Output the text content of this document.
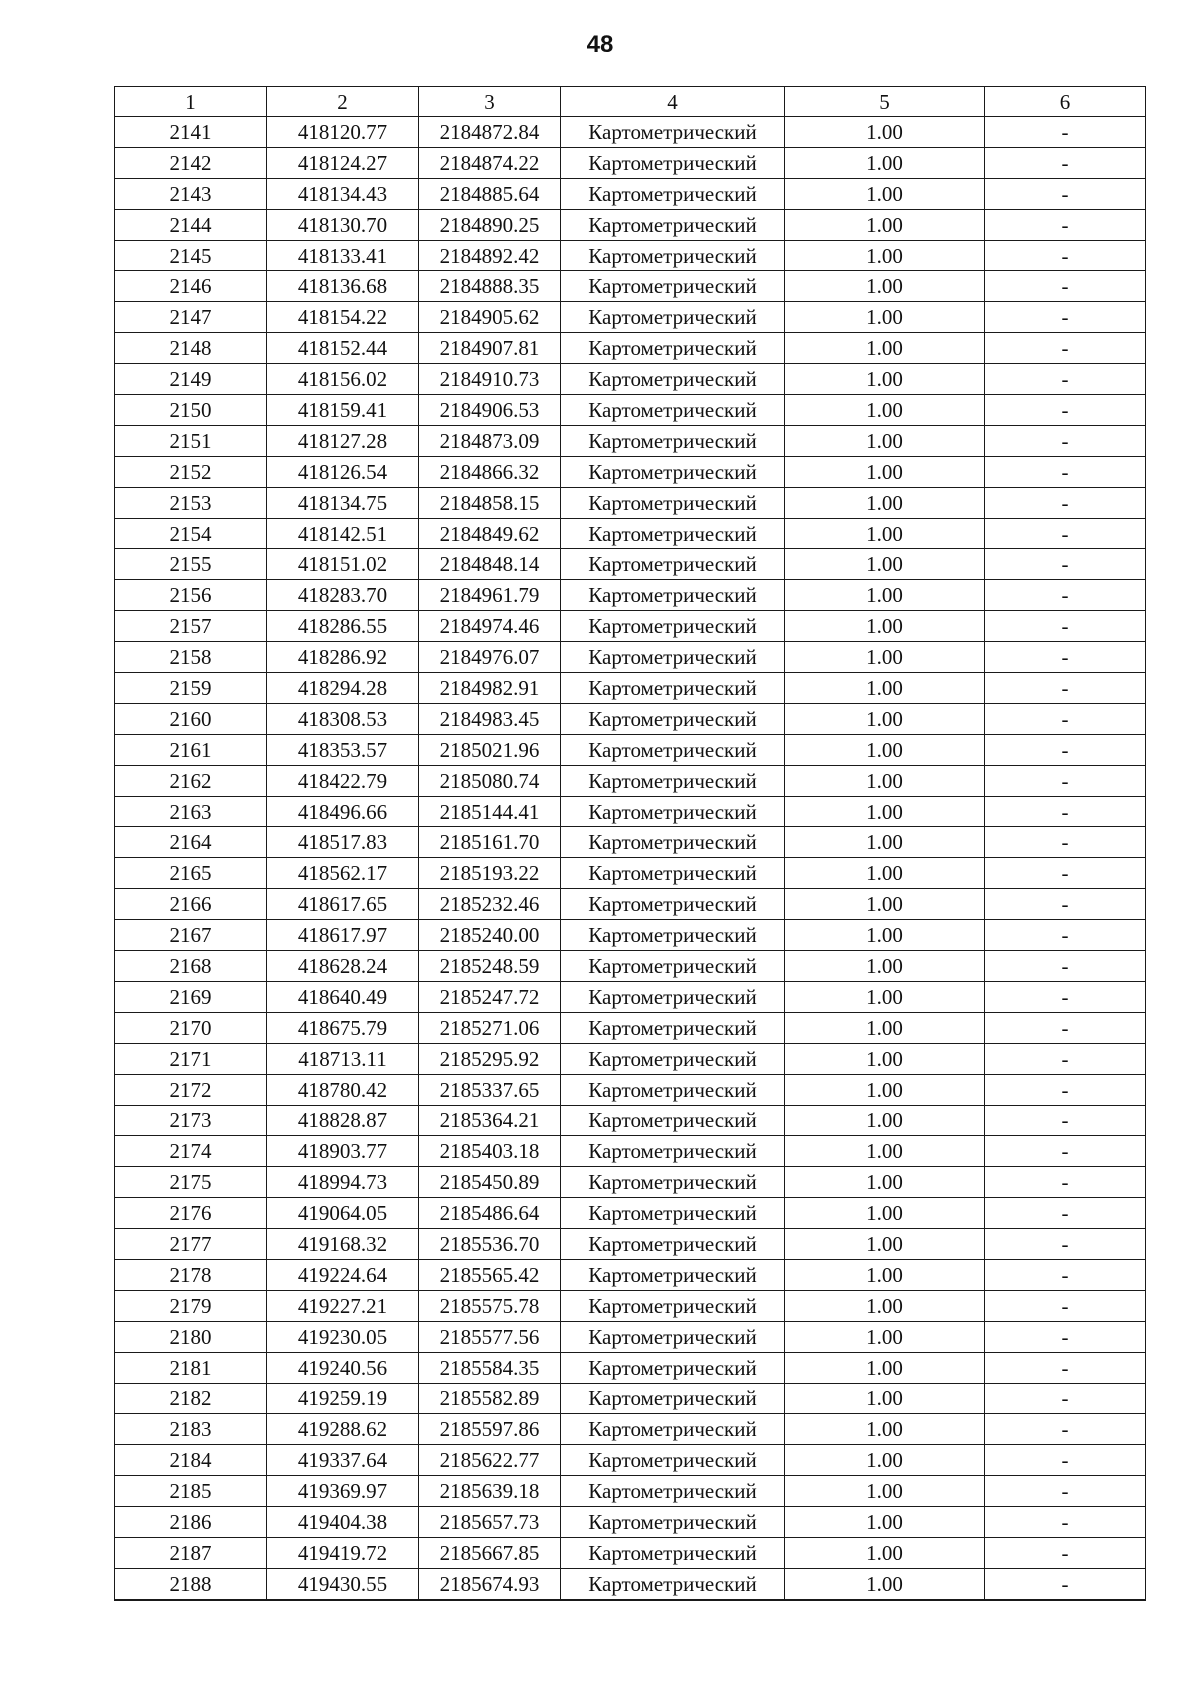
48
1	2	3	4	5	6
2141	418120.77	2184872.84	Картометрический	1.00	-
2142	418124.27	2184874.22	Картометрический	1.00	-
2143	418134.43	2184885.64	Картометрический	1.00	-
2144	418130.70	2184890.25	Картометрический	1.00	-
2145	418133.41	2184892.42	Картометрический	1.00	-
2146	418136.68	2184888.35	Картометрический	1.00	-
2147	418154.22	2184905.62	Картометрический	1.00	-
2148	418152.44	2184907.81	Картометрический	1.00	-
2149	418156.02	2184910.73	Картометрический	1.00	-
2150	418159.41	2184906.53	Картометрический	1.00	-
2151	418127.28	2184873.09	Картометрический	1.00	-
2152	418126.54	2184866.32	Картометрический	1.00	-
2153	418134.75	2184858.15	Картометрический	1.00	-
2154	418142.51	2184849.62	Картометрический	1.00	-
2155	418151.02	2184848.14	Картометрический	1.00	-
2156	418283.70	2184961.79	Картометрический	1.00	-
2157	418286.55	2184974.46	Картометрический	1.00	-
2158	418286.92	2184976.07	Картометрический	1.00	-
2159	418294.28	2184982.91	Картометрический	1.00	-
2160	418308.53	2184983.45	Картометрический	1.00	-
2161	418353.57	2185021.96	Картометрический	1.00	-
2162	418422.79	2185080.74	Картометрический	1.00	-
2163	418496.66	2185144.41	Картометрический	1.00	-
2164	418517.83	2185161.70	Картометрический	1.00	-
2165	418562.17	2185193.22	Картометрический	1.00	-
2166	418617.65	2185232.46	Картометрический	1.00	-
2167	418617.97	2185240.00	Картометрический	1.00	-
2168	418628.24	2185248.59	Картометрический	1.00	-
2169	418640.49	2185247.72	Картометрический	1.00	-
2170	418675.79	2185271.06	Картометрический	1.00	-
2171	418713.11	2185295.92	Картометрический	1.00	-
2172	418780.42	2185337.65	Картометрический	1.00	-
2173	418828.87	2185364.21	Картометрический	1.00	-
2174	418903.77	2185403.18	Картометрический	1.00	-
2175	418994.73	2185450.89	Картометрический	1.00	-
2176	419064.05	2185486.64	Картометрический	1.00	-
2177	419168.32	2185536.70	Картометрический	1.00	-
2178	419224.64	2185565.42	Картометрический	1.00	-
2179	419227.21	2185575.78	Картометрический	1.00	-
2180	419230.05	2185577.56	Картометрический	1.00	-
2181	419240.56	2185584.35	Картометрический	1.00	-
2182	419259.19	2185582.89	Картометрический	1.00	-
2183	419288.62	2185597.86	Картометрический	1.00	-
2184	419337.64	2185622.77	Картометрический	1.00	-
2185	419369.97	2185639.18	Картометрический	1.00	-
2186	419404.38	2185657.73	Картометрический	1.00	-
2187	419419.72	2185667.85	Картометрический	1.00	-
2188	419430.55	2185674.93	Картометрический	1.00	-
